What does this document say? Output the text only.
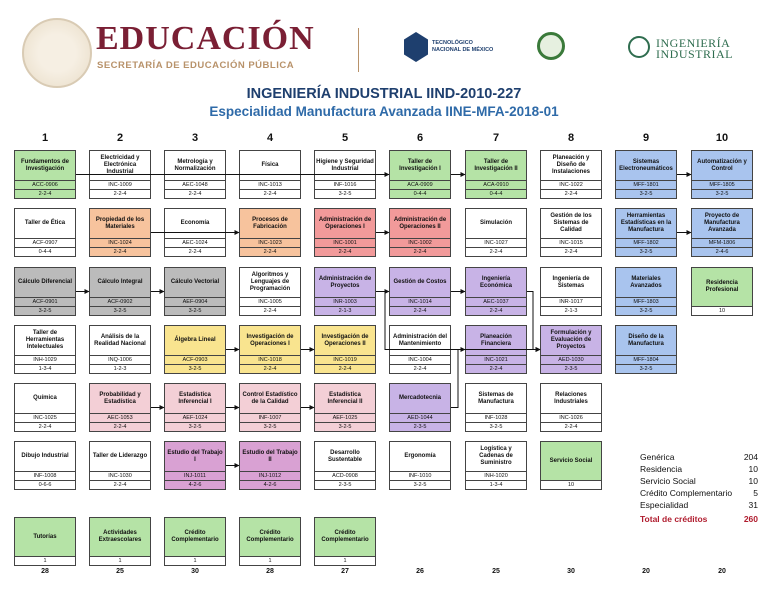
EDUCACIÓN
SECRETARÍA DE EDUCACIÓN PÚBLICA
TECNOLÓGICO NACIONAL DE MÉXICO	INGENIERÍA
INDUSTRIAL
INGENIERÍA INDUSTRIAL IIND-2010-227
Especialidad Manufactura Avanzada IINE-MFA-2018-01
1	2	3	4	5	6	7	8	9	10
28	25	30	28	27	26	25	30	20	20
Fundamentos de Investigación
ACC-0906
2-2-4
Electricidad y Electrónica Industrial
INC-1009
2-2-4
Metrología y Normalización
AEC-1048
2-2-4
Física
INC-1013
2-2-4
Higiene y Seguridad Industrial
INF-1016
3-2-5
Taller de Investigación I
ACA-0909
0-4-4
Taller de Investigación II
ACA-0910
0-4-4
Planeación y Diseño de Instalaciones
INC-1022
2-2-4
Sistemas Electroneumáticos
MFF-1801
3-2-5
Automatización y Control
MFF-1805
3-2-5
Taller de Ética
ACF-0907
0-4-4
Propiedad de los Materiales
INC-1024
2-2-4
Economía
AEC-1024
2-2-4
Procesos de Fabricación
INC-1023
2-2-4
Administración de Operaciones I
INC-1001
2-2-4
Administración de Operaciones II
INC-1002
2-2-4
Simulación
INC-1027
2-2-4
Gestión de los Sistemas de Calidad
INC-1015
2-2-4
Herramientas Estadísticas en la Manufactura
MFF-1802
3-2-5
Proyecto de Manufactura Avanzada
MFM-1806
2-4-6
Cálculo Diferencial
ACF-0901
3-2-5
Cálculo Integral
ACF-0902
3-2-5
Cálculo Vectorial
AEF-0904
3-2-5
Algoritmos y Lenguajes de Programación
INC-1005
2-2-4
Administración de Proyectos
INR-1003
2-1-3
Gestión de Costos
INC-1014
2-2-4
Ingeniería Económica
AEC-1037
2-2-4
Ingeniería de Sistemas
INR-1017
2-1-3
Materiales Avanzados
MFF-1803
3-2-5
Residencia Profesional
10
Taller de Herramientas Intelectuales
INH-1029
1-3-4
Análisis de la Realidad Nacional
INQ-1006
1-2-3
Álgebra Lineal
ACF-0903
3-2-5
Investigación de Operaciones I
INC-1018
2-2-4
Investigación de Operaciones II
INC-1019
2-2-4
Administración del Mantenimiento
INC-1004
2-2-4
Planeación Financiera
INC-1021
2-2-4
Formulación y Evaluación de Proyectos
AED-1030
2-3-5
Diseño de la Manufactura
MFF-1804
3-2-5
Química
INC-1025
2-2-4
Probabilidad y Estadística
AEC-1053
2-2-4
Estadística Inferencial I
AEF-1024
3-2-5
Control Estadístico de la Calidad
INF-1007
3-2-5
Estadística Inferencial II
AEF-1025
3-2-5
Mercadotecnia
AED-1044
2-3-5
Sistemas de Manufactura
INF-1028
3-2-5
Relaciones Industriales
INC-1026
2-2-4
Dibujo Industrial
INF-1008
0-6-6
Taller de Liderazgo
INC-1030
2-2-4
Estudio del Trabajo I
INJ-1011
4-2-6
Estudio del Trabajo II
INJ-1012
4-2-6
Desarrollo Sustentable
ACD-0908
2-3-5
Ergonomía
INF-1010
3-2-5
Logística y Cadenas de Suministro
INH-1020
1-3-4
Servicio Social
10
Tutorías
1
Actividades Extraescolares
1
Crédito Complementario
1
Crédito Complementario
1
Crédito Complementario
1
Genérica	204
Residencia	10
Servicio Social	10
Crédito Complementario 5
Especialidad	31
Total de créditos	260
